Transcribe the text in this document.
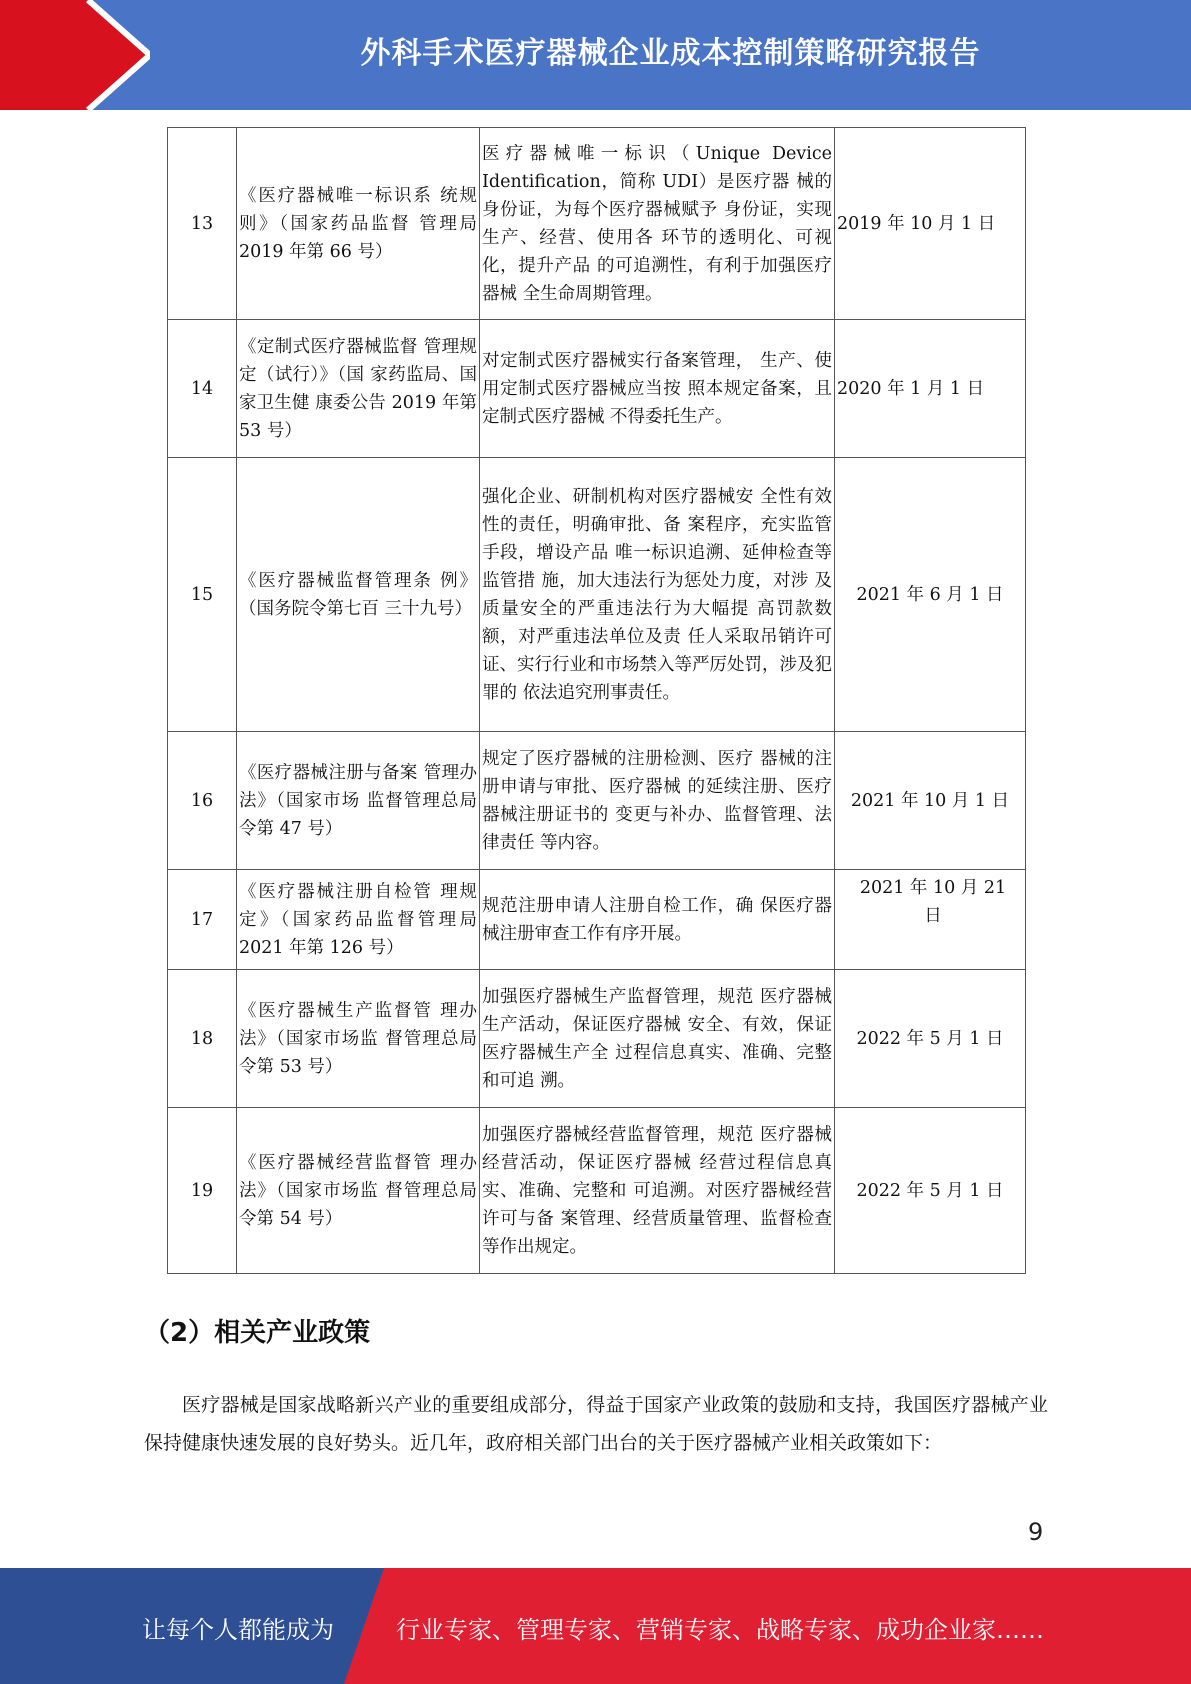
外科手术医疗器械企业成本控制策略研究报告
13	《医疗器械唯一标识系 统规则》（国家药品监督 管理局 2019 年第 66 号）	医疗器械唯一标识（Unique Device Identification，简称 UDI）是医疗器 械的身份证，为每个医疗器械赋予 身份证，实现生产、经营、使用各 环节的透明化、可视化，提升产品 的可追溯性，有利于加强医疗器械 全生命周期管理。	2019 年 10 月 1 日
14	《定制式医疗器械监督 管理规定（试行）》（国 家药监局、国家卫生健 康委公告 2019 年第 53 号）	对定制式医疗器械实行备案管理， 生产、使用定制式医疗器械应当按 照本规定备案，且定制式医疗器械 不得委托生产。	2020 年 1 月 1 日
15	《医疗器械监督管理条 例》（国务院令第七百 三十九号）	强化企业、研制机构对医疗器械安 全性有效性的责任，明确审批、备 案程序，充实监管手段，增设产品 唯一标识追溯、延伸检查等监管措 施，加大违法行为惩处力度，对涉 及质量安全的严重违法行为大幅提 高罚款数额，对严重违法单位及责 任人采取吊销许可证、实行行业和市场禁入等严厉处罚，涉及犯罪的 依法追究刑事责任。	2021 年 6 月 1 日
16	《医疗器械注册与备案 管理办法》（国家市场 监督管理总局令第 47 号）	规定了医疗器械的注册检测、医疗 器械的注册申请与审批、医疗器械 的延续注册、医疗器械注册证书的 变更与补办、监督管理、法律责任 等内容。	2021 年 10 月 1 日
17	《医疗器械注册自检管 理规定》（国家药品监督管理局 2021 年第 126 号）	规范注册申请人注册自检工作，确 保医疗器械注册审查工作有序开展。	2021 年 10 月 21 日
18	《医疗器械生产监督管 理办法》（国家市场监 督管理总局令第 53 号）	加强医疗器械生产监督管理，规范 医疗器械生产活动，保证医疗器械 安全、有效，保证医疗器械生产全 过程信息真实、准确、完整和可追 溯。	2022 年 5 月 1 日
19	《医疗器械经营监督管 理办法》（国家市场监 督管理总局令第 54 号）	加强医疗器械经营监督管理，规范 医疗器械经营活动，保证医疗器械 经营过程信息真实、准确、完整和 可追溯。对医疗器械经营许可与备 案管理、经营质量管理、监督检查 等作出规定。	2022 年 5 月 1 日
（2）相关产业政策
医疗器械是国家战略新兴产业的重要组成部分，得益于国家产业政策的鼓励和支持，我国医疗器械产业保持健康快速发展的良好势头。近几年，政府相关部门出台的关于医疗器械产业相关政策如下：
9
让每个人都能成为	行业专家、管理专家、营销专家、战略专家、成功企业家……
